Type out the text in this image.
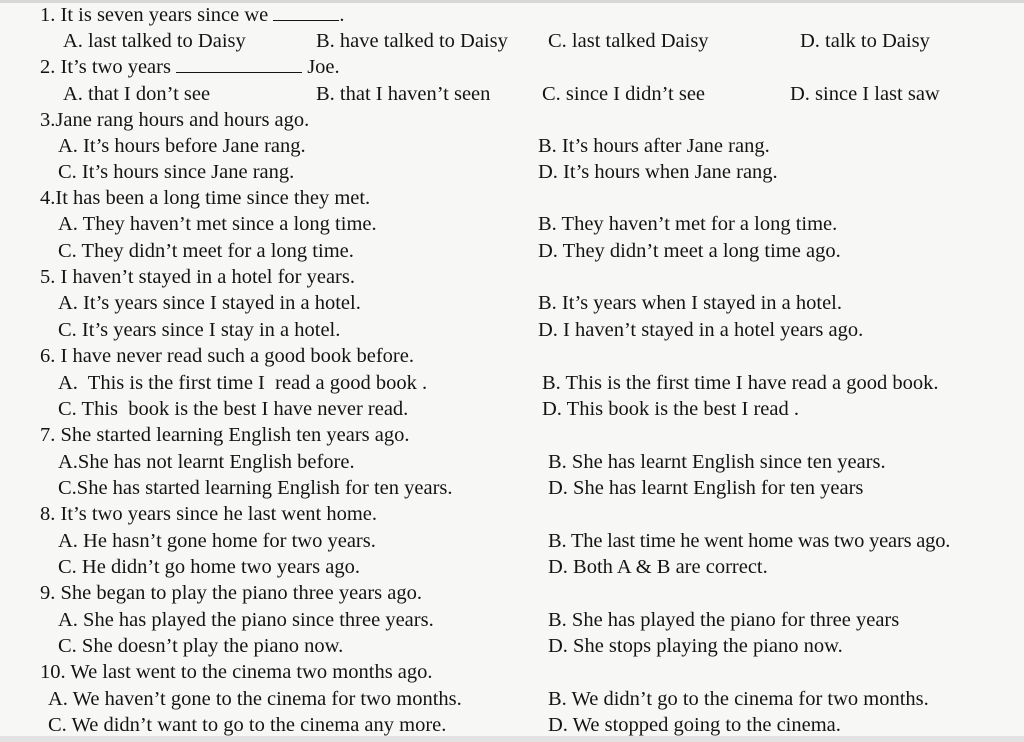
1. It is seven years since we	.
A. last talked to Daisy	B. have talked to Daisy C. last talked Daisy	D. talk to Daisy
2. It’s two years	Joe.
A. that I don’t see	B. that I haven’t seen	C. since I didn’t see	D. since I last saw
3.Jane rang hours and hours ago.
A. It’s hours before Jane rang.	B. It’s hours after Jane rang.
C. It’s hours since Jane rang.	D. It’s hours when Jane rang.
4.It has been a long time since they met.
A. They haven’t met since a long time.	B. They haven’t met for a long time.
C. They didn’t meet for a long time.	D. They didn’t meet a long time ago.
5. I haven’t stayed in a hotel for years.
A. It’s years since I stayed in a hotel.	B. It’s years when I stayed in a hotel.
C. It’s years since I stay in a hotel.	D. I haven’t stayed in a hotel years ago.
6. I have never read such a good book before.
A.  This is the first time I  read a good book .	B. This is the first time I have read a good book.
C. This  book is the best I have never read.	D. This book is the best I read .
7. She started learning English ten years ago.
A.She has not learnt English before.	B. She has learnt English since ten years.
C.She has started learning English for ten years.	D. She has learnt English for ten years
8. It’s two years since he last went home.
A. He hasn’t gone home for two years.	B. The last time he went home was two years ago.
C. He didn’t go home two years ago.	D. Both A & B are correct.
9. She began to play the piano three years ago.
A. She has played the piano since three years.	B. She has played the piano for three years
C. She doesn’t play the piano now.	D. She stops playing the piano now.
10. We last went to the cinema two months ago.
A. We haven’t gone to the cinema for two months.	B. We didn’t go to the cinema for two months.
C. We didn’t want to go to the cinema any more.	D. We stopped going to the cinema.
